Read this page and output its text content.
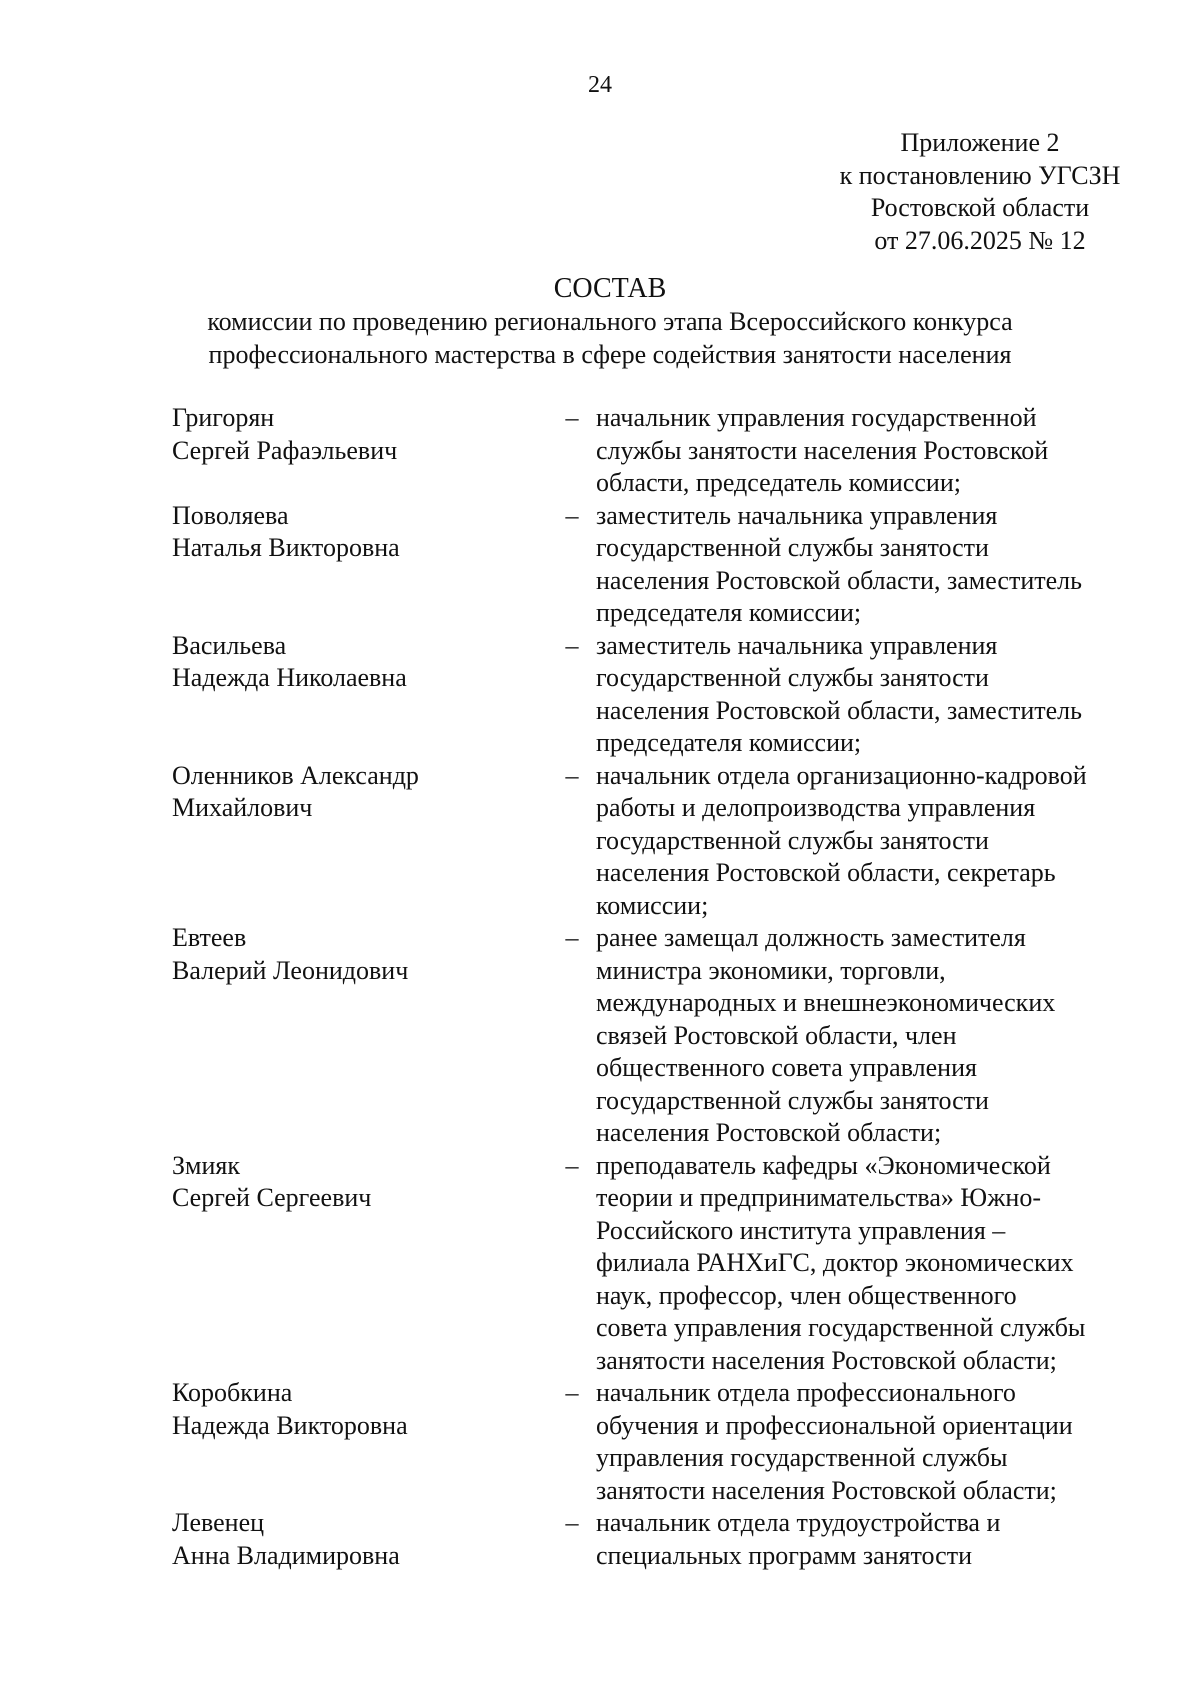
24
Приложение 2
к постановлению УГСЗН
Ростовской области
от 27.06.2025 № 12
СОСТАВ
комиссии по проведению регионального этапа Всероссийского конкурса
профессионального мастерства в сфере содействия занятости населения
Григорян
Сергей Рафаэльевич
– начальник управления государственной
службы занятости населения Ростовской
области, председатель комиссии;
Поволяева
Наталья Викторовна
– заместитель начальника управления
государственной службы занятости
населения Ростовской области, заместитель
председателя комиссии;
Васильева
Надежда Николаевна
– заместитель начальника управления
государственной службы занятости
населения Ростовской области, заместитель
председателя комиссии;
Оленников Александр
Михайлович
– начальник отдела организационно-кадровой
работы и делопроизводства управления
государственной службы занятости
населения Ростовской области, секретарь
комиссии;
Евтеев
Валерий Леонидович
– ранее замещал должность заместителя
министра экономики, торговли,
международных и внешнеэкономических
связей Ростовской области, член
общественного совета управления
государственной службы занятости
населения Ростовской области;
Змияк
Сергей Сергеевич
– преподаватель кафедры «Экономической
теории и предпринимательства» Южно-
Российского института управления –
филиала РАНХиГС, доктор экономических
наук, профессор, член общественного
совета управления государственной службы
занятости населения Ростовской области;
Коробкина
Надежда Викторовна
– начальник отдела профессионального
обучения и профессиональной ориентации
управления государственной службы
занятости населения Ростовской области;
Левенец
Анна Владимировна
– начальник отдела трудоустройства и
специальных программ занятости
